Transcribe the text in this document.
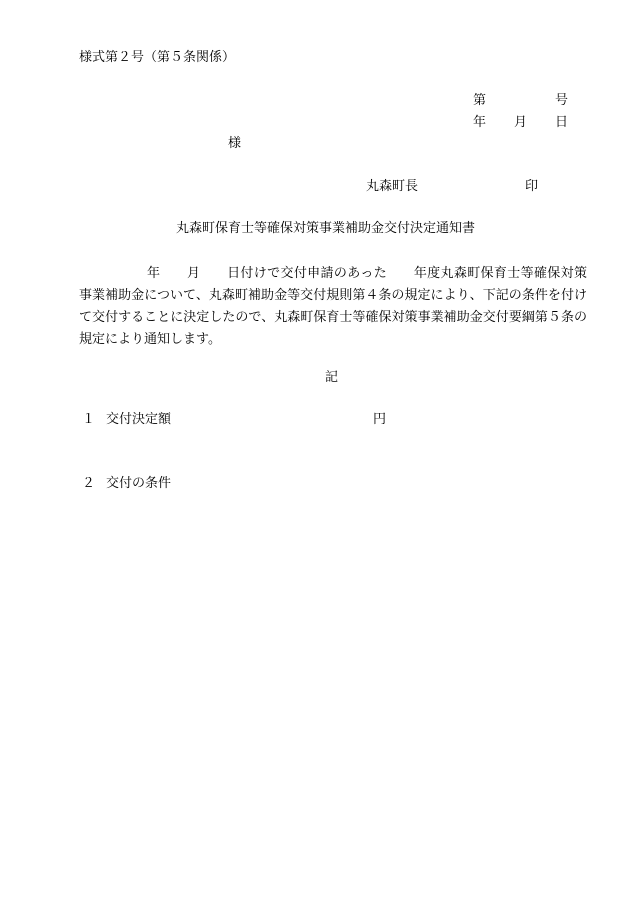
様式第２号（第５条関係）

第	号

年 月 日

様

丸森町長	印

丸森町保育士等確保対策事業補助金交付決定通知書

年　　月　　日付けで交付申請のあった　　年度丸森町保育士等確保対策事業補助金について、丸森町補助金等交付規則第４条の規定により、下記の条件を付けて交付することに決定したので、丸森町保育士等確保対策事業補助金交付要綱第５条の規定により通知します。

記

１ 交付決定額	円

２ 交付の条件
